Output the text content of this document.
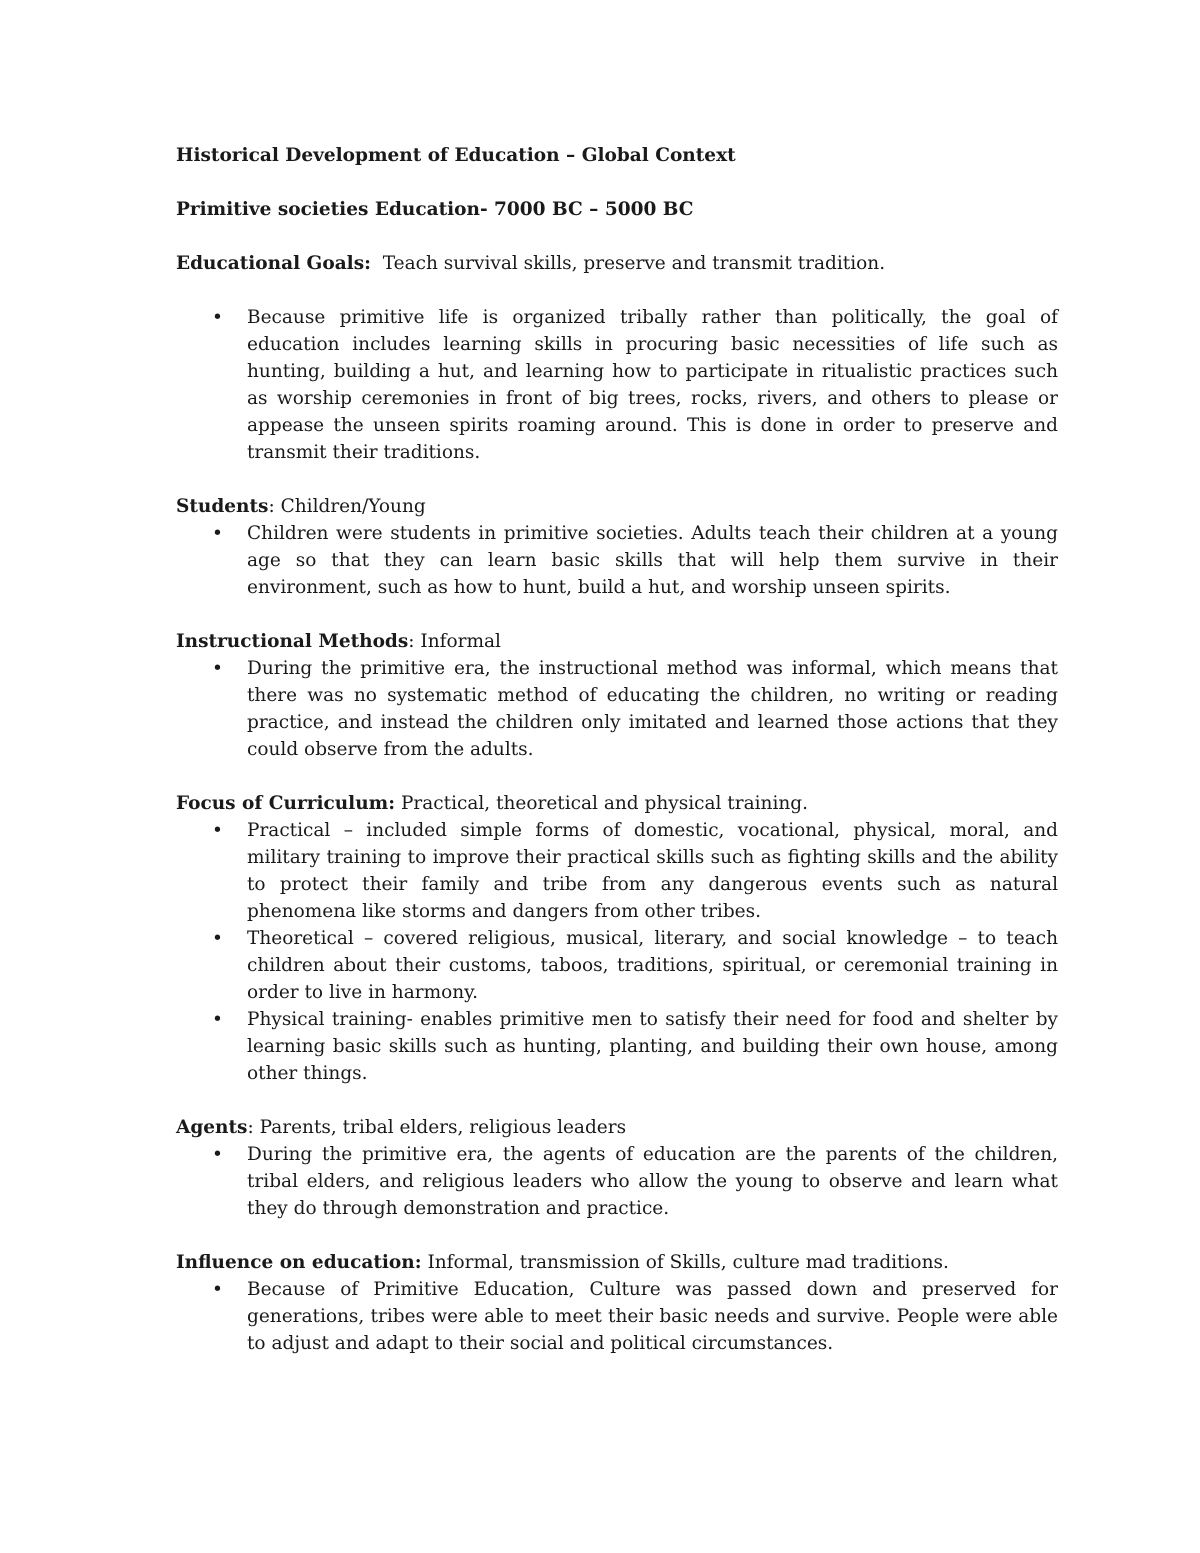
Historical Development of Education – Global Context

Primitive societies Education- 7000 BC – 5000 BC

Educational Goals: Teach survival skills, preserve and transmit tradition.

• Because primitive life is organized tribally rather than politically, the goal of education includes learning skills in procuring basic necessities of life such as hunting, building a hut, and learning how to participate in ritualistic practices such as worship ceremonies in front of big trees, rocks, rivers, and others to please or appease the unseen spirits roaming around. This is done in order to preserve and transmit their traditions.

Students: Children/Young

• Children were students in primitive societies. Adults teach their children at a young age so that they can learn basic skills that will help them survive in their environment, such as how to hunt, build a hut, and worship unseen spirits.

Instructional Methods: Informal

• During the primitive era, the instructional method was informal, which means that there was no systematic method of educating the children, no writing or reading practice, and instead the children only imitated and learned those actions that they could observe from the adults.

Focus of Curriculum: Practical, theoretical and physical training.

• Practical – included simple forms of domestic, vocational, physical, moral, and military training to improve their practical skills such as fighting skills and the ability to protect their family and tribe from any dangerous events such as natural phenomena like storms and dangers from other tribes.
• Theoretical – covered religious, musical, literary, and social knowledge – to teach children about their customs, taboos, traditions, spiritual, or ceremonial training in order to live in harmony.
• Physical training- enables primitive men to satisfy their need for food and shelter by learning basic skills such as hunting, planting, and building their own house, among other things.

Agents: Parents, tribal elders, religious leaders

• During the primitive era, the agents of education are the parents of the children, tribal elders, and religious leaders who allow the young to observe and learn what they do through demonstration and practice.

Influence on education: Informal, transmission of Skills, culture mad traditions.

• Because of Primitive Education, Culture was passed down and preserved for generations, tribes were able to meet their basic needs and survive. People were able to adjust and adapt to their social and political circumstances.
